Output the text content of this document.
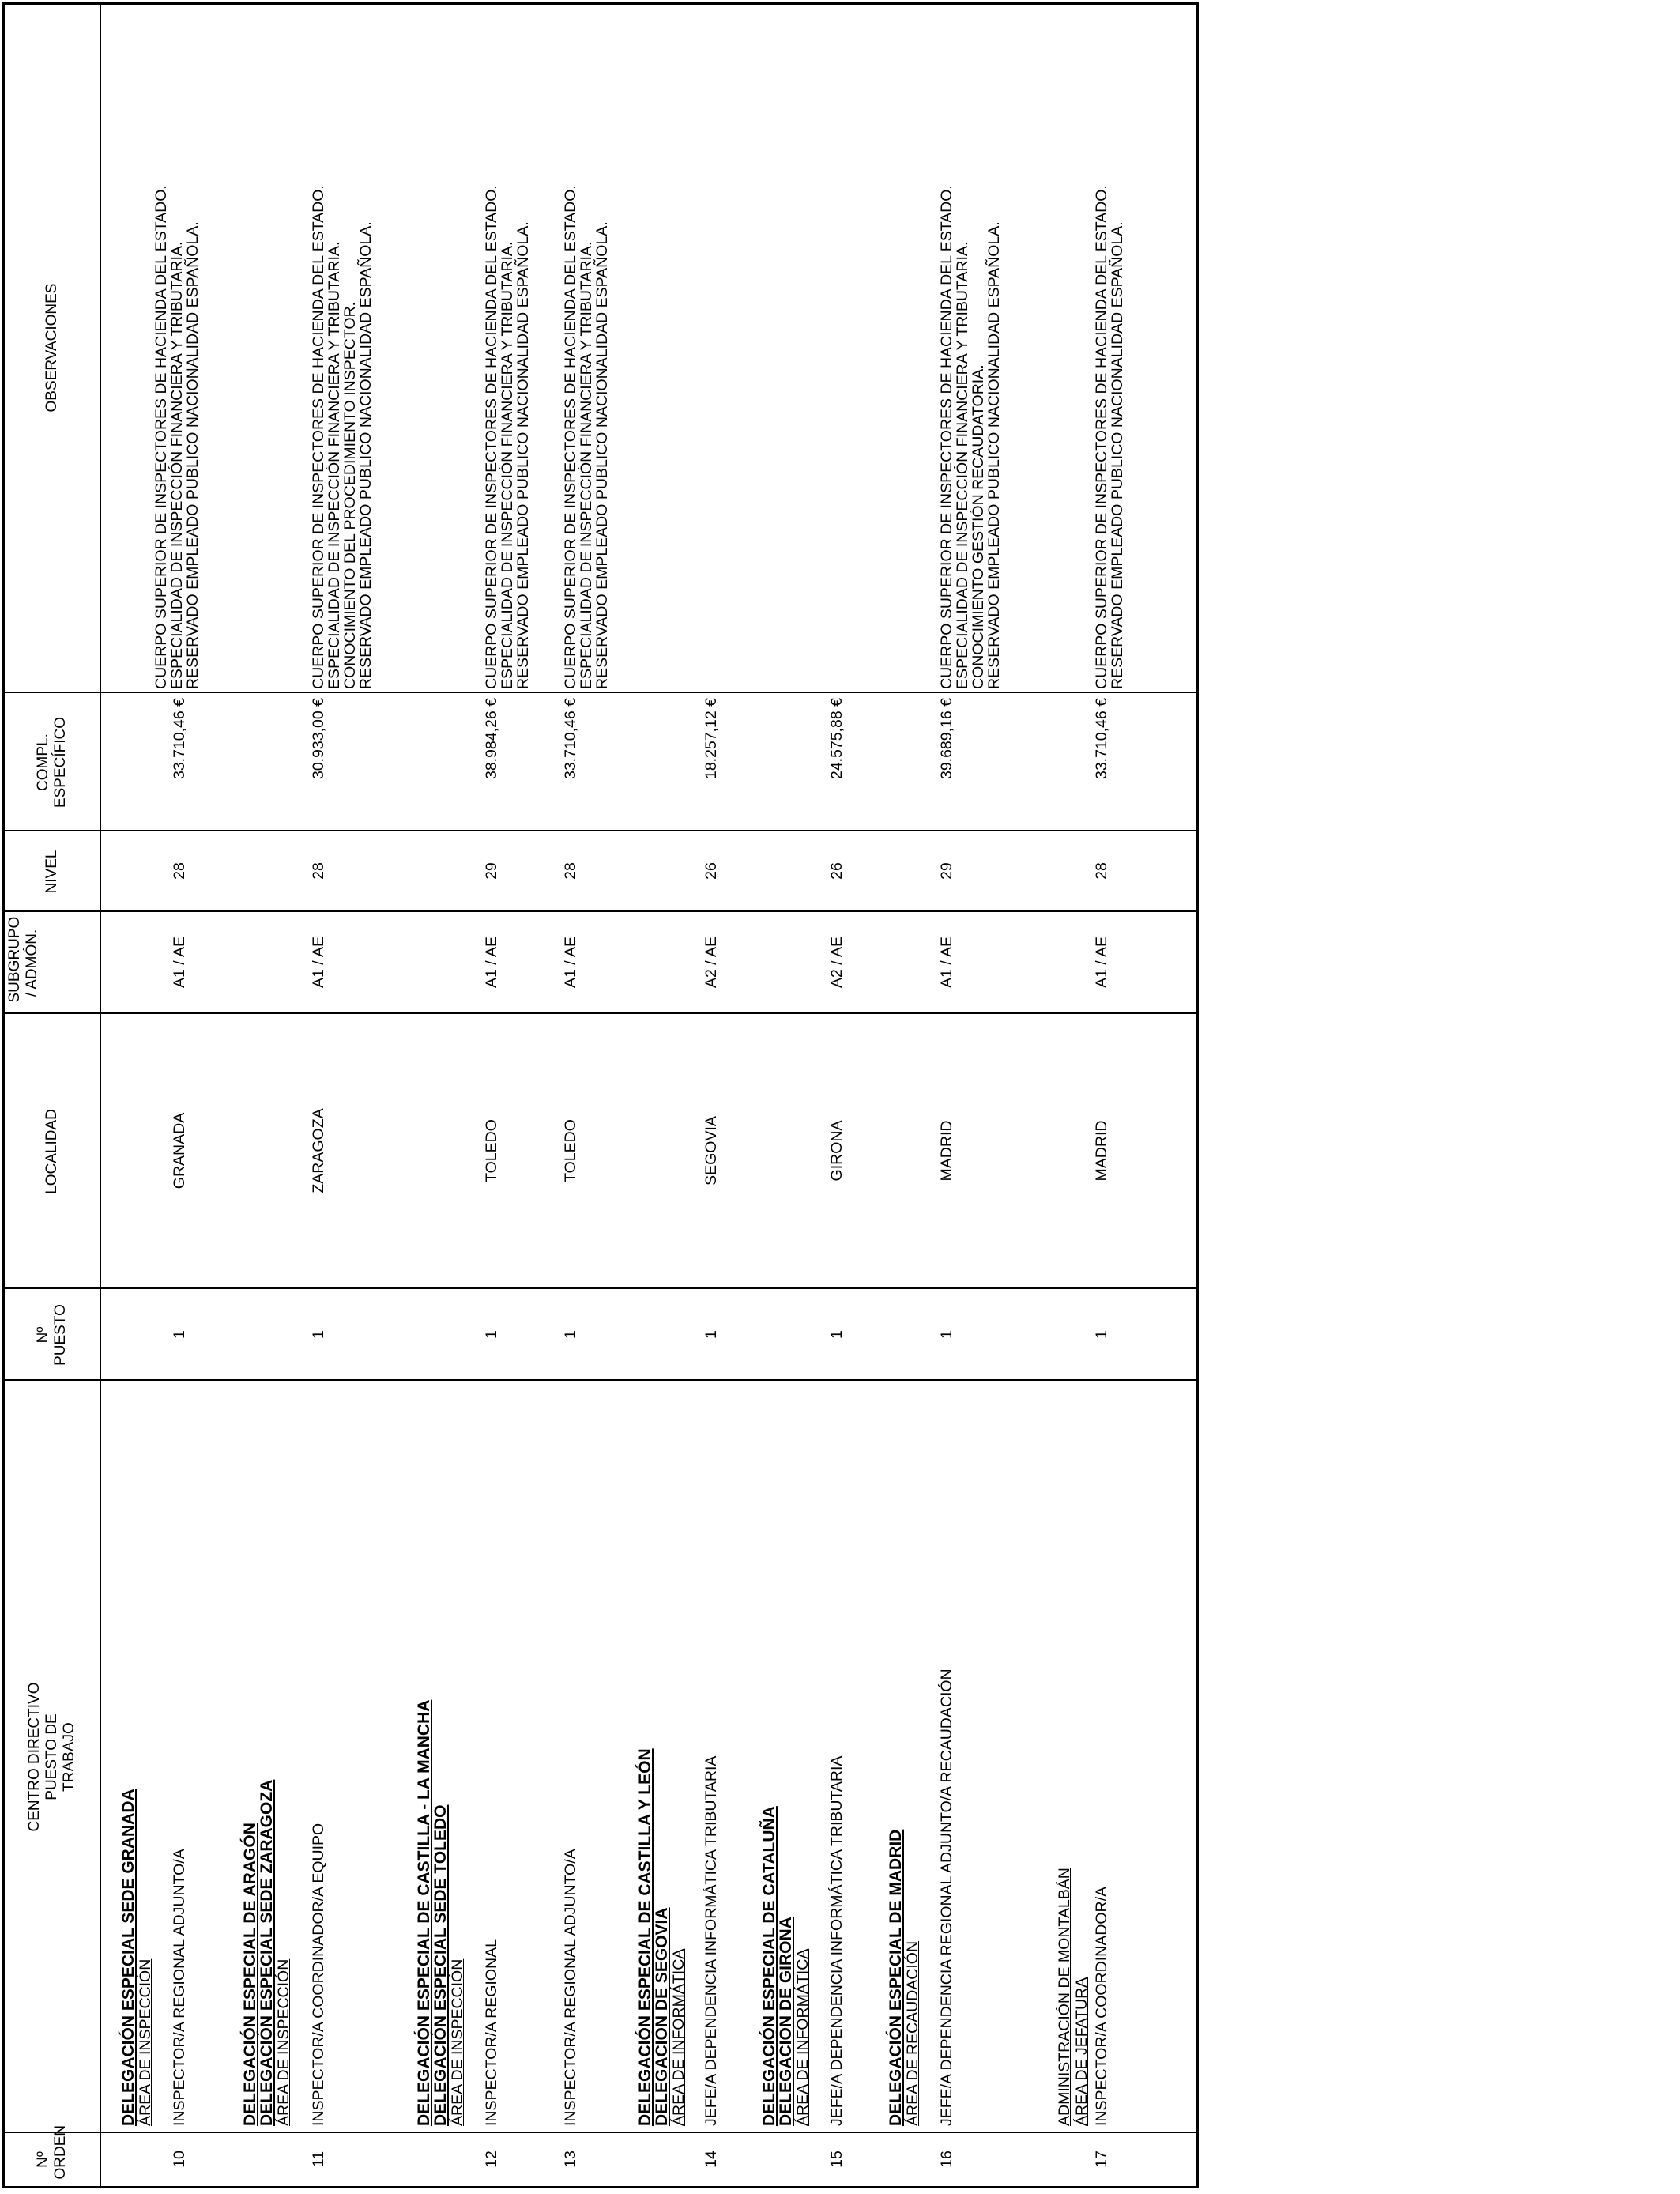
Nº ORDEN
CENTRO DIRECTIVO PUESTO DE TRABAJO
Nº PUESTO
LOCALIDAD
SUBGRUPO / ADMÓN.
NIVEL
COMPL. ESPECÍFICO
OBSERVACIONES
DELEGACIÓN ESPECIAL SEDE GRANADA ÁREA DE INSPECCIÓN
10
INSPECTOR/A REGIONAL ADJUNTO/A
1
GRANADA
A1 / AE
28
33.710,46 €
CUERPO SUPERIOR DE INSPECTORES DE HACIENDA DEL ESTADO.
ESPECIALIDAD DE INSPECCIÓN FINANCIERA Y TRIBUTARIA.
RESERVADO EMPLEADO PUBLICO NACIONALIDAD ESPAÑOLA.
DELEGACIÓN ESPECIAL DE ARAGÓN
DELEGACIÓN ESPECIAL SEDE ZARAGOZA ÁREA DE INSPECCIÓN
11
INSPECTOR/A COORDINADOR/A EQUIPO
1
ZARAGOZA
A1 / AE
28
30.933,00 €
CUERPO SUPERIOR DE INSPECTORES DE HACIENDA DEL ESTADO.
ESPECIALIDAD DE INSPECCIÓN FINANCIERA Y TRIBUTARIA.
CONOCIMIENTO DEL PROCEDIMIENTO INSPECTOR.
RESERVADO EMPLEADO PUBLICO NACIONALIDAD ESPAÑOLA.
DELEGACIÓN ESPECIAL DE CASTILLA - LA MANCHA
DELEGACIÓN ESPECIAL SEDE TOLEDO ÁREA DE INSPECCIÓN
12
INSPECTOR/A REGIONAL
1
TOLEDO
A1 / AE
29
38.984,26 €
CUERPO SUPERIOR DE INSPECTORES DE HACIENDA DEL ESTADO.
ESPECIALIDAD DE INSPECCIÓN FINANCIERA Y TRIBUTARIA.
RESERVADO EMPLEADO PUBLICO NACIONALIDAD ESPAÑOLA.
13
INSPECTOR/A REGIONAL ADJUNTO/A
1
TOLEDO
A1 / AE
28
33.710,46 €
CUERPO SUPERIOR DE INSPECTORES DE HACIENDA DEL ESTADO.
ESPECIALIDAD DE INSPECCIÓN FINANCIERA Y TRIBUTARIA.
RESERVADO EMPLEADO PUBLICO NACIONALIDAD ESPAÑOLA.
DELEGACIÓN ESPECIAL DE CASTILLA Y LEÓN
DELEGACIÓN DE SEGOVIA ÁREA DE INFORMÁTICA
14
JEFE/A DEPENDENCIA INFORMÁTICA TRIBUTARIA
1
SEGOVIA
A2 / AE
26
18.257,12 €
DELEGACIÓN ESPECIAL DE CATALUÑA
DELEGACIÓN DE GIRONA ÁREA DE INFORMÁTICA
15
JEFE/A DEPENDENCIA INFORMÁTICA TRIBUTARIA
1
GIRONA
A2 / AE
26
24.575,88 €
DELEGACIÓN ESPECIAL DE MADRID ÁREA DE RECAUDACIÓN
16
JEFE/A DEPENDENCIA REGIONAL ADJUNTO/A RECAUDACIÓN
1
MADRID
A1 / AE
29
39.689,16 €
CUERPO SUPERIOR DE INSPECTORES DE HACIENDA DEL ESTADO.
ESPECIALIDAD DE INSPECCIÓN FINANCIERA Y TRIBUTARIA.
CONOCIMIENTO GESTIÓN RECAUDATORIA.
RESERVADO EMPLEADO PUBLICO NACIONALIDAD ESPAÑOLA.
ADMINISTRACIÓN DE MONTALBÁN ÁREA DE JEFATURA
17
INSPECTOR/A COORDINADOR/A
1
MADRID
A1 / AE
28
33.710,46 €
CUERPO SUPERIOR DE INSPECTORES DE HACIENDA DEL ESTADO.
RESERVADO EMPLEADO PUBLICO NACIONALIDAD ESPAÑOLA.
